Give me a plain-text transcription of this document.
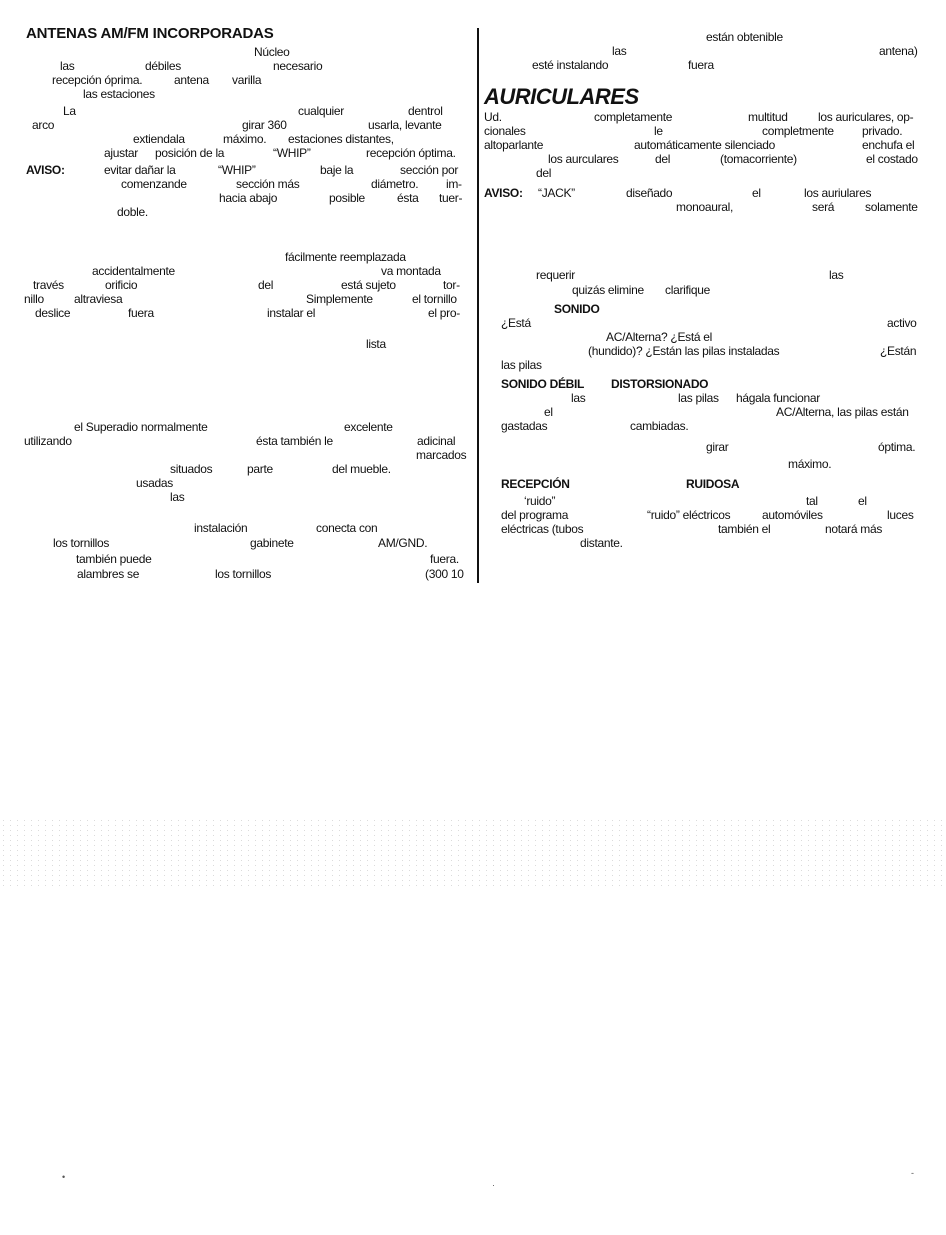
ANTENAS AM/FM INCORPORADAS
Núcleo
las	débiles	necesario
recepción óprima.	antena varilla
las estaciones
La	cualquier	dentrol
arco	girar 360	usarla, levante
extiendala	máximo. estaciones distantes,
ajustar posición de la	“WHIP”	recepción óptima.
AVISO:	evitar dañar la	“WHIP”	baje la	sección por
comenzande	sección más	diámetro. im-
hacia abajo	posible	ésta tuer-
doble.
fácilmente reemplazada
accidentalmente	va montada
través	orificio	del	está sujeto	tor-
nillo	altraviesa	Simplemente	el tornillo
deslice	fuera	instalar el	el pro-
lista
el Superadio normalmente	excelente
utilizando	ésta también le	adicinal
marcados
situados	parte	del mueble.
usadas
las
instalación	conecta con
los tornillos	gabinete	AM/GND.
también puede	fuera.
alambres se	los tornillos	(300 10
están obtenible
las	antena)
esté instalando	fuera
AURICULARES
Ud.	completamente	multitud	los auriculares, op-
cionales	le	completmente privado.
altoparlante	automáticamente silenciado	enchufa el
los aurculares	del	(tomacorriente)	el costado
del
AVISO: “JACK”	diseñado	el	los auriulares
monoaural,	será	solamente
requerir	las
quizás elimine clarifique
SONIDO
¿Está	activo
AC/Alterna? ¿Está el
(hundido)? ¿Están las pilas instaladas	¿Están
las pilas
SONIDO DÉBIL DISTORSIONADO
las	las pilas hágala funcionar
el	AC/Alterna, las pilas están
gastadas	cambiadas.
girar	óptima.
máximo.
RECEPCIÓN	RUIDOSA
‘ruido”	tal	el
del programa	“ruido” eléctricos	automóviles	luces
eléctricas (tubos	también el	notará más
distante.
•
·
-
